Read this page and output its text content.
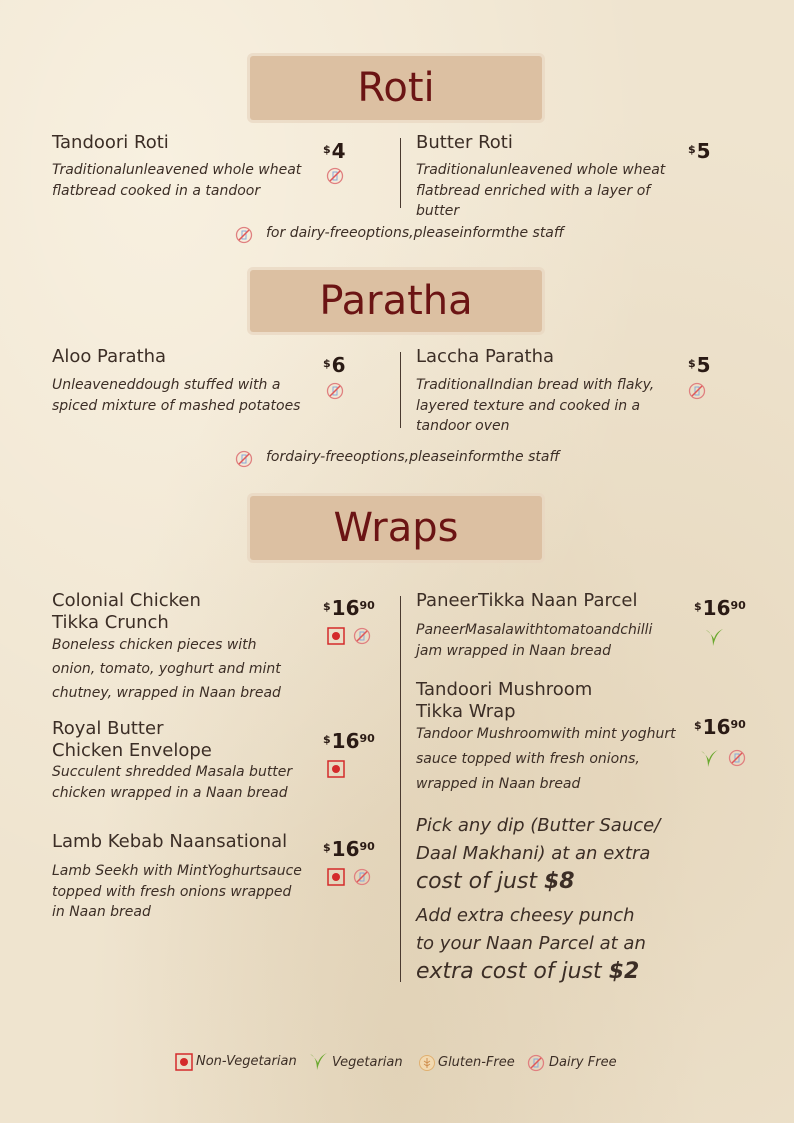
Roti
Tandoori Roti	$4
Traditionalunleavened whole wheat flatbread cooked in a tandoor
Butter Roti	$5
Traditionalunleavened whole wheat flatbread enriched with a layer of butter
for dairy-freeoptions,pleaseinformthe staff
Paratha
Aloo Paratha	$6
Unleaveneddough stuffed with a spiced mixture of mashed potatoes
Laccha Paratha	$5
TraditionalIndian bread with flaky, layered texture and cooked in a tandoor oven
fordairy-freeoptions,pleaseinformthe staff
Wraps
Colonial Chicken Tikka Crunch
$^{\$}16^{90}$
Boneless chicken pieces with onion, tomato, yoghurt and mint chutney, wrapped in Naan bread
Royal Butter Chicken Envelope
$^{\$}16^{90}$
Succulent shredded Masala butter chicken wrapped in a Naan bread
Lamb Kebab Naansational	$^{\$}16^{90}$
Lamb Seekh with MintYoghurtsauce topped with fresh onions wrapped in Naan bread
PaneerTikka Naan Parcel	$^{\$}16^{90}$
PaneerMasalawithtomatoandchilli jam wrapped in Naan bread
Tandoori Mushroom Tikka Wrap
$^{\$}16^{90}$
Tandoor Mushroomwith mint yoghurt sauce topped with fresh onions, wrapped in Naan bread
Pick any dip (Butter Sauce/ Daal Makhani) at an extra
cost of just $8
Add extra cheesy punch to your Naan Parcel at an
extra cost of just $2
Non-Vegetarian	Vegetarian	Gluten-Free	Dairy Free
